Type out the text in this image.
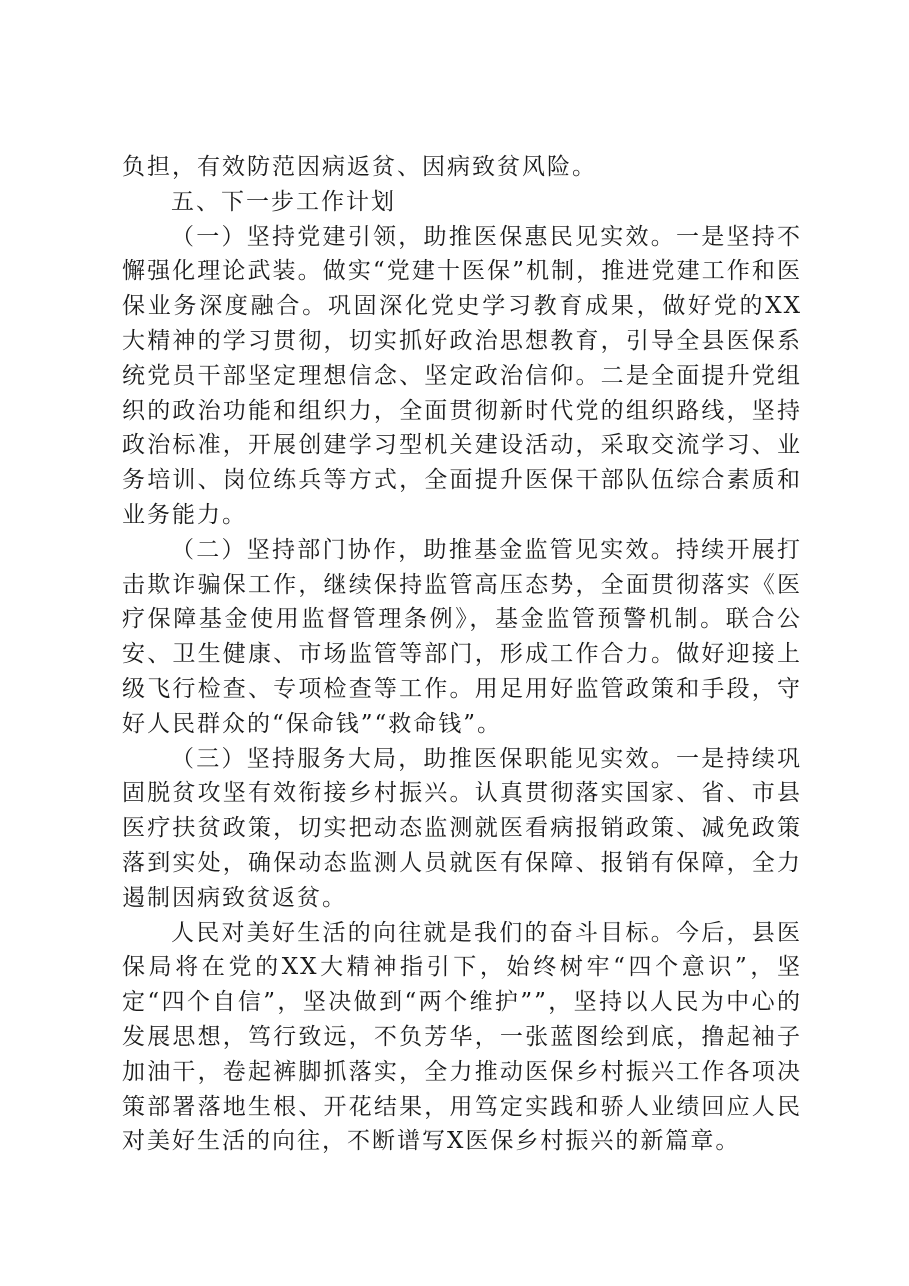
负担，有效防范因病返贫、因病致贫风险。

五、下一步工作计划

（一）坚持党建引领，助推医保惠民见实效。一是坚持不懈强化理论武装。做实“党建十医保”机制，推进党建工作和医保业务深度融合。巩固深化党史学习教育成果，做好党的XX大精神的学习贯彻，切实抓好政治思想教育，引导全县医保系统党员干部坚定理想信念、坚定政治信仰。二是全面提升党组织的政治功能和组织力，全面贯彻新时代党的组织路线，坚持政治标准，开展创建学习型机关建设活动，采取交流学习、业务培训、岗位练兵等方式，全面提升医保干部队伍综合素质和业务能力。

（二）坚持部门协作，助推基金监管见实效。持续开展打击欺诈骗保工作，继续保持监管高压态势，全面贯彻落实《医疗保障基金使用监督管理条例》，基金监管预警机制。联合公安、卫生健康、市场监管等部门，形成工作合力。做好迎接上级飞行检查、专项检查等工作。用足用好监管政策和手段，守好人民群众的“保命钱”“救命钱”。

（三）坚持服务大局，助推医保职能见实效。一是持续巩固脱贫攻坚有效衔接乡村振兴。认真贯彻落实国家、省、市县医疗扶贫政策，切实把动态监测就医看病报销政策、减免政策落到实处，确保动态监测人员就医有保障、报销有保障，全力遏制因病致贫返贫。

人民对美好生活的向往就是我们的奋斗目标。今后，县医保局将在党的XX大精神指引下，始终树牢“四个意识”，坚定“四个自信”，坚决做到“两个维护””，坚持以人民为中心的发展思想，笃行致远，不负芳华，一张蓝图绘到底，撸起袖子加油干，卷起裤脚抓落实，全力推动医保乡村振兴工作各项决策部署落地生根、开花结果，用笃定实践和骄人业绩回应人民对美好生活的向往，不断谱写X医保乡村振兴的新篇章。
